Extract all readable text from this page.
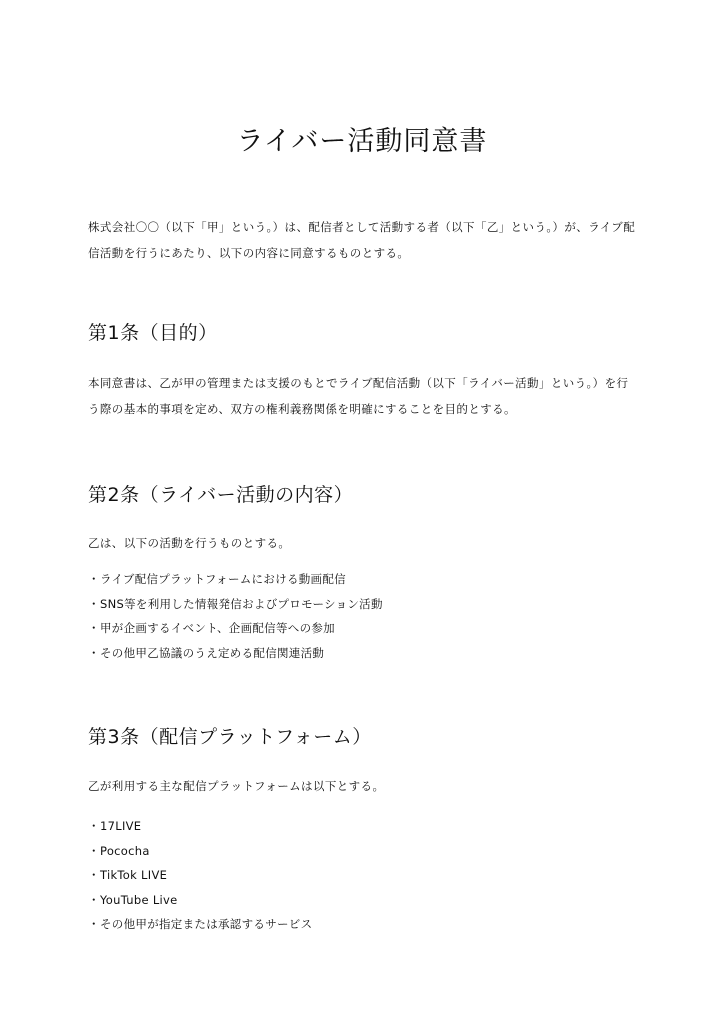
ライバー活動同意書

株式会社〇〇（以下「甲」という。）は、配信者として活動する者（以下「乙」という。）が、ライブ配信活動を行うにあたり、以下の内容に同意するものとする。

第1条（目的）

本同意書は、乙が甲の管理または支援のもとでライブ配信活動（以下「ライバー活動」という。）を行う際の基本的事項を定め、双方の権利義務関係を明確にすることを目的とする。

第2条（ライバー活動の内容）

乙は、以下の活動を行うものとする。

・ ライブ配信プラットフォームにおける動画配信
・ SNS等を利用した情報発信およびプロモーション活動
・ 甲が企画するイベント、企画配信等への参加
・ その他甲乙協議のうえ定める配信関連活動
第3条（配信プラットフォーム）

乙が利用する主な配信プラットフォームは以下とする。

・ 17LIVE
・ Pococha
・ TikTok LIVE
・ YouTube Live
・ その他甲が指定または承認するサービス
